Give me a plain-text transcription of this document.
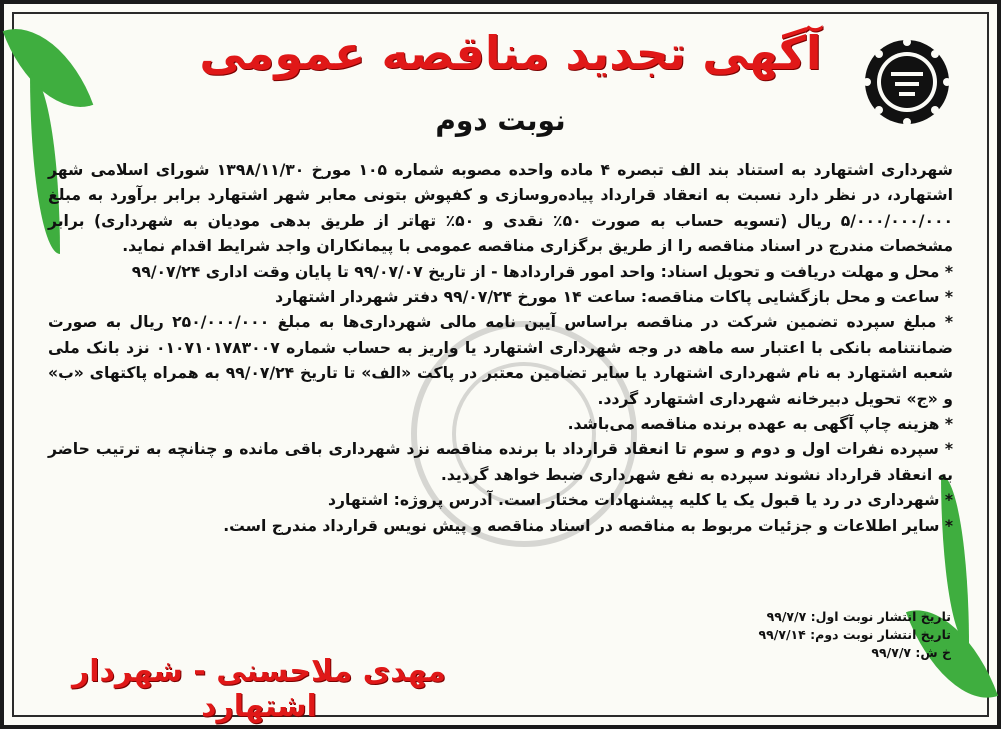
آگهی تجدید مناقصه عمومی
نوبت دوم

شهرداری اشتهارد به استناد بند الف تبصره ۴ ماده واحده مصوبه شماره ۱۰۵ مورخ ۱۳۹۸/۱۱/۳۰ شورای اسلامی شهر اشتهارد، در نظر دارد نسبت به انعقاد قرارداد پیاده‌روسازی و کفپوش بتونی معابر شهر اشتهارد برابر برآورد به مبلغ ۵/۰۰۰/۰۰۰/۰۰۰ ریال (تسویه حساب به صورت ۵۰٪ نقدی و ۵۰٪ تهاتر از طریق بدهی مودیان به شهرداری) برابر مشخصات مندرج در اسناد مناقصه را از طریق برگزاری مناقصه عمومی با پیمانکاران واجد شرایط اقدام نماید.

* محل و مهلت دریافت و تحویل اسناد: واحد امور قراردادها - از تاریخ ۹۹/۰۷/۰۷ تا پایان وقت اداری ۹۹/۰۷/۲۴

* ساعت و محل بازگشایی پاکات مناقصه: ساعت ۱۴ مورخ ۹۹/۰۷/۲۴ دفتر شهردار اشتهارد

* مبلغ سپرده تضمین شرکت در مناقصه براساس آیین نامه مالی شهرداری‌ها به مبلغ ۲۵۰/۰۰۰/۰۰۰ ریال به صورت ضمانتنامه بانکی با اعتبار سه ماهه در وجه شهرداری اشتهارد یا واریز به حساب شماره ۰۱۰۷۱۰۱۷۸۳۰۰۷ نزد بانک ملی شعبه اشتهارد به نام شهرداری اشتهارد یا سایر تضامین معتبر در پاکت «الف» تا تاریخ ۹۹/۰۷/۲۴ به همراه پاکتهای «ب» و «ج» تحویل دبیرخانه شهرداری اشتهارد گردد.

* هزینه چاپ آگهی به عهده برنده مناقصه می‌باشد.

* سپرده نفرات اول و دوم و سوم تا انعقاد قرارداد با برنده مناقصه نزد شهرداری باقی مانده و چنانچه به ترتیب حاضر به انعقاد قرارداد نشوند سپرده به نفع شهرداری ضبط خواهد گردید.

* شهرداری در رد یا قبول یک یا کلیه پیشنهادات مختار است. آدرس پروژه: اشتهارد

* سایر اطلاعات و جزئیات مربوط به مناقصه در اسناد مناقصه و پیش نویس قرارداد مندرج است.

تاریخ انتشار نوبت اول: ۹۹/۷/۷
تاریخ انتشار نوبت دوم: ۹۹/۷/۱۴
خ ش: ۹۹/۷/۷
مهدی ملاحسنی - شهردار اشتهارد
